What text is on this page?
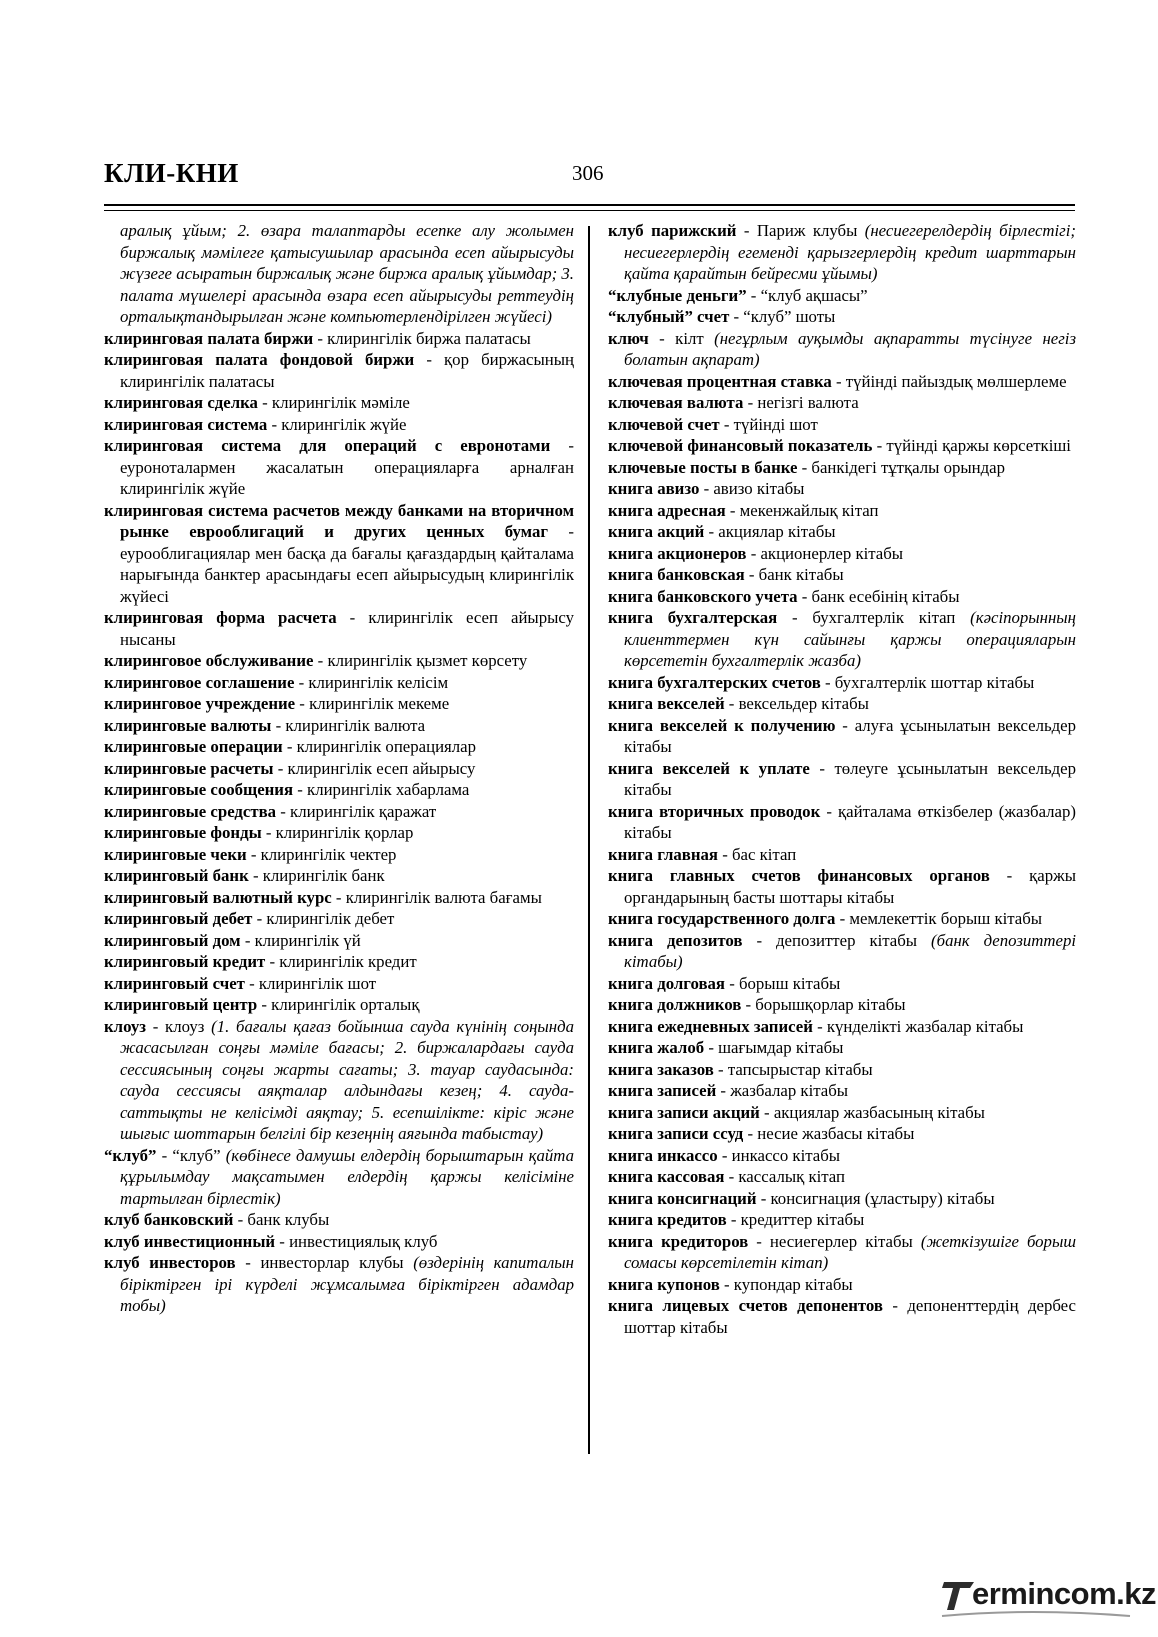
КЛИ-КНИ	306

аралық ұйым; 2. өзара талаптарды есепке алу жолымен биржалық мәмілеге қатысушылар арасында есеп айырысуды жүзеге асыратын биржалық және биржа аралық ұйымдар; 3. палата мүшелері арасында өзара есеп айырысуды реттеудің орталықтандырылған және компьютерлендірілген жүйесі)

клиринговая палата биржи - клирингілік биржа палатасы

клиринговая палата фондовой биржи - қор биржасының клирингілік палатасы

клиринговая сделка - клирингілік мәміле

клиринговая система - клирингілік жүйе

клиринговая система для операций с евронотами - еуроноталармен жасалатын операцияларға арналған клирингілік жүйе

клиринговая система расчетов между банками на вторичном рынке еврооблигаций и других ценных бумаг - еурооблигациялар мен басқа да бағалы қағаздардың қайталама нарығында банктер арасындағы есеп айырысудың клирингілік жүйесі

клиринговая форма расчета - клирингілік есеп айырысу нысаны

клиринговое обслуживание - клирингілік қызмет көрсету

клиринговое соглашение - клирингілік келісім

клиринговое учреждение - клирингілік мекеме

клиринговые валюты - клирингілік валюта

клиринговые операции - клирингілік операциялар

клиринговые расчеты - клирингілік есеп айырысу

клиринговые сообщения - клирингілік хабарлама

клиринговые средства - клирингілік қаражат

клиринговые фонды - клирингілік қорлар

клиринговые чеки - клирингілік чектер

клиринговый банк - клирингілік банк

клиринговый валютный курс - клирингілік валюта бағамы

клиринговый дебет - клирингілік дебет

клиринговый дом - клирингілік үй

клиринговый кредит - клирингілік кредит

клиринговый счет - клирингілік шот

клиринговый центр - клирингілік орталық

клоуз - клоуз (1. бағалы қағаз бойынша сауда күнінің соңында жасасылған соңғы мәміле бағасы; 2. биржалардағы сауда сессиясының соңғы жарты сағаты; 3. тауар саудасында: сауда сессиясы аяқталар алдындағы кезең; 4. сауда-саттықты не келісімді аяқтау; 5. есепшілікте: кіріс және шығыс шоттарын белгілі бір кезеңнің аяғында табыстау)

“клуб” - “клуб” (көбінесе дамушы елдердің борыштарын қайта құрылымдау мақсатымен елдердің қаржы келісіміне тартылған бірлестік)

клуб банковский - банк клубы

клуб инвестиционный - инвестициялық клуб

клуб инвесторов - инвесторлар клубы (өздерінің капиталын біріктірген ірі күрделі жұмсалымға біріктірген адамдар тобы)

клуб парижский - Париж клубы (несиегерелдердің бірлестігі; несиегерлердің егеменді қарызгерлердің кредит шарттарын қайта қарайтын бейресми ұйымы)

“клубные деньги” - “клуб ақшасы”

“клубный” счет - “клуб” шоты

ключ - кілт (негұрлым ауқымды ақпаратты түсінуге негіз болатын ақпарат)

ключевая процентная ставка - түйінді пайыздық мөлшерлеме

ключевая валюта - негізгі валюта

ключевой счет - түйінді шот

ключевой финансовый показатель - түйінді қаржы көрсеткіші

ключевые посты в банке - банкідегі тұтқалы орындар

книга авизо - авизо кітабы

книга адресная - мекенжайлық кітап

книга акций - акциялар кітабы

книга акционеров - акционерлер кітабы

книга банковская - банк кітабы

книга банковского учета - банк есебінің кітабы

книга бухгалтерская - бухгалтерлік кітап (кәсіпорынның клиенттермен күн сайынғы қаржы операцияларын көрсететін бухгалтерлік жазба)

книга бухгалтерских счетов - бухгалтерлік шоттар кітабы

книга векселей - вексельдер кітабы

книга векселей к получению - алуға ұсынылатын вексельдер кітабы

книга векселей к уплате - төлеуге ұсынылатын вексельдер кітабы

книга вторичных проводок - қайталама өткізбелер (жазбалар) кітабы

книга главная - бас кітап

книга главных счетов финансовых органов - қаржы органдарының басты шоттары кітабы

книга государственного долга - мемлекеттік борыш кітабы

книга депозитов - депозиттер кітабы (банк депозиттері кітабы)

книга долговая - борыш кітабы

книга должников - борышқорлар кітабы

книга ежедневных записей - күнделікті жазбалар кітабы

книга жалоб - шағымдар кітабы

книга заказов - тапсырыстар кітабы

книга записей - жазбалар кітабы

книга записи акций - акциялар жазбасының кітабы

книга записи ссуд - несие жазбасы кітабы

книга инкассо - инкассо кітабы

книга кассовая - кассалық кітап

книга консигнаций - консигнация (ұластыру) кітабы

книга кредитов - кредиттер кітабы

книга кредиторов - несиегерлер кітабы (жеткізушіге борыш сомасы көрсетілетін кітап)

книга купонов - купондар кітабы

книга лицевых счетов депонентов - депоненттердің дербес шоттар кітабы

ermincom.kz
